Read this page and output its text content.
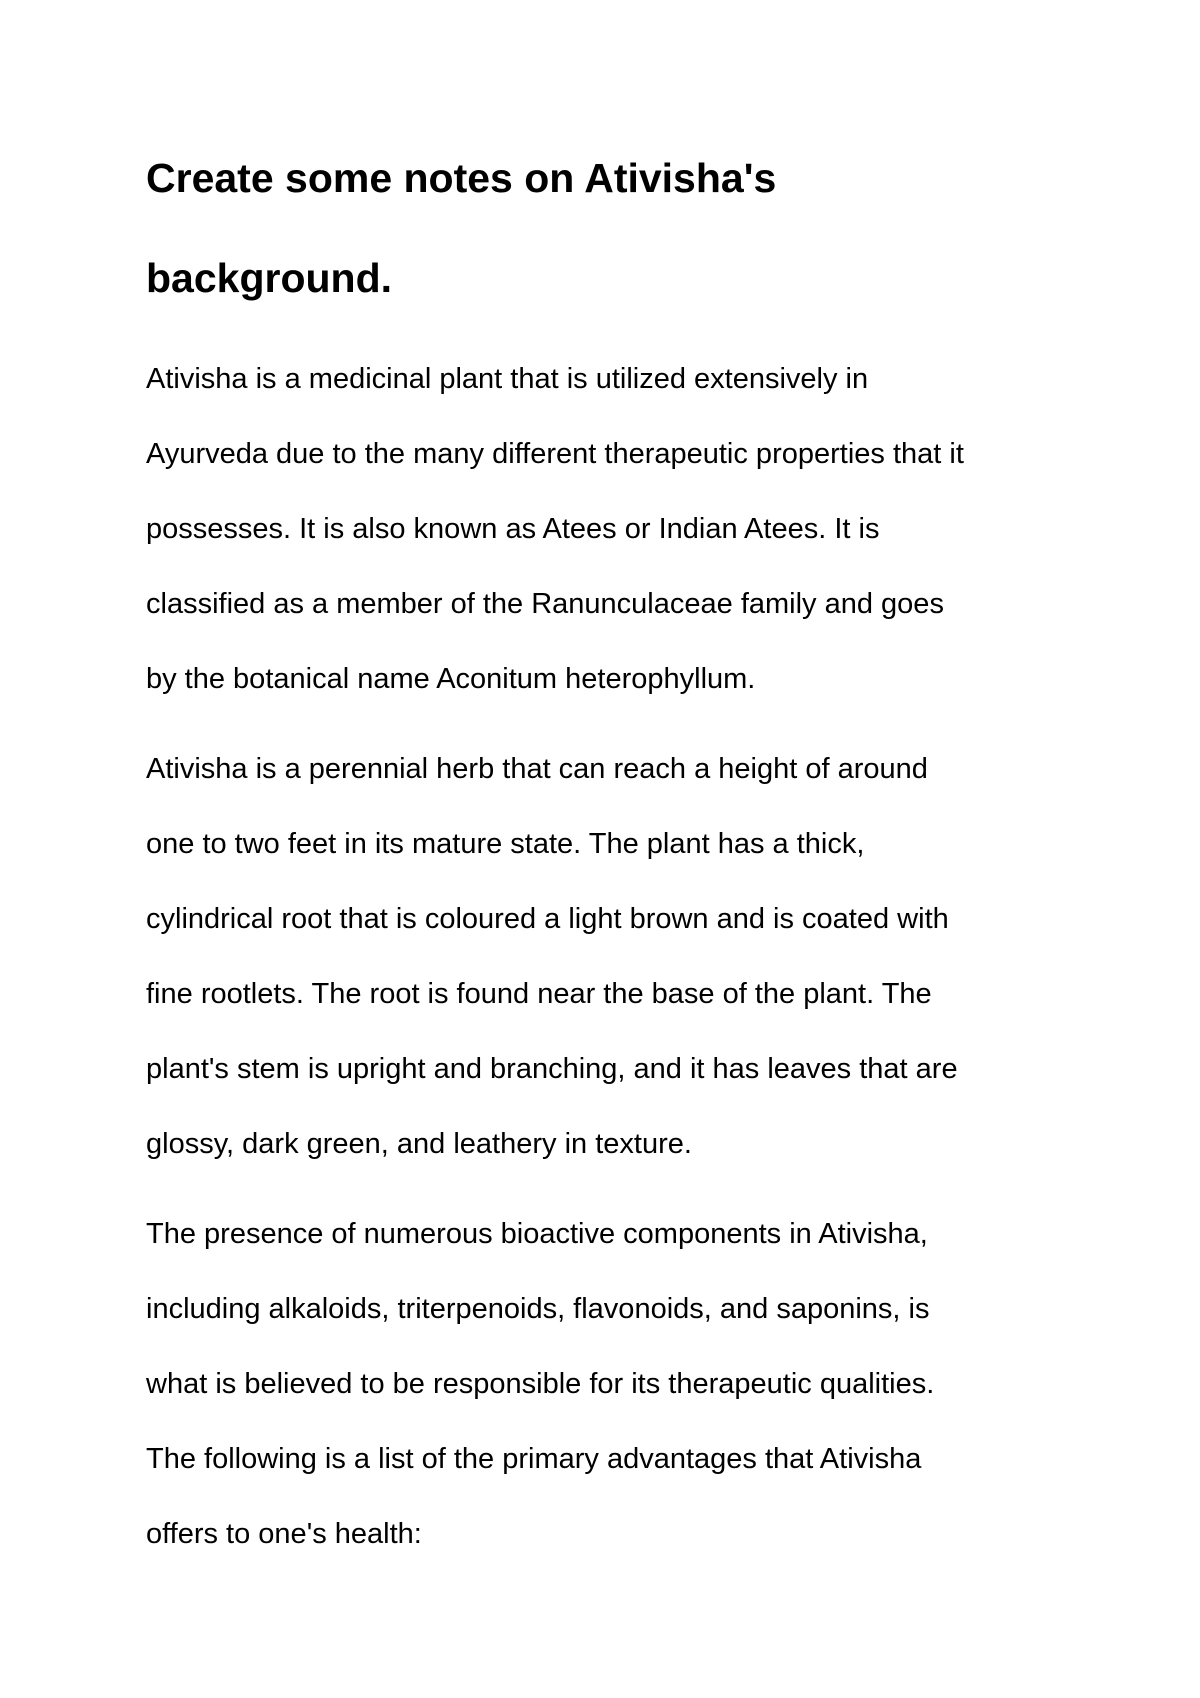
Create some notes on Ativisha's
background.

Ativisha is a medicinal plant that is utilized extensively in
Ayurveda due to the many different therapeutic properties that it
possesses. It is also known as Atees or Indian Atees. It is
classified as a member of the Ranunculaceae family and goes
by the botanical name Aconitum heterophyllum.

Ativisha is a perennial herb that can reach a height of around
one to two feet in its mature state. The plant has a thick,
cylindrical root that is coloured a light brown and is coated with
fine rootlets. The root is found near the base of the plant. The
plant's stem is upright and branching, and it has leaves that are
glossy, dark green, and leathery in texture.

The presence of numerous bioactive components in Ativisha,
including alkaloids, triterpenoids, flavonoids, and saponins, is
what is believed to be responsible for its therapeutic qualities.
The following is a list of the primary advantages that Ativisha
offers to one's health:
